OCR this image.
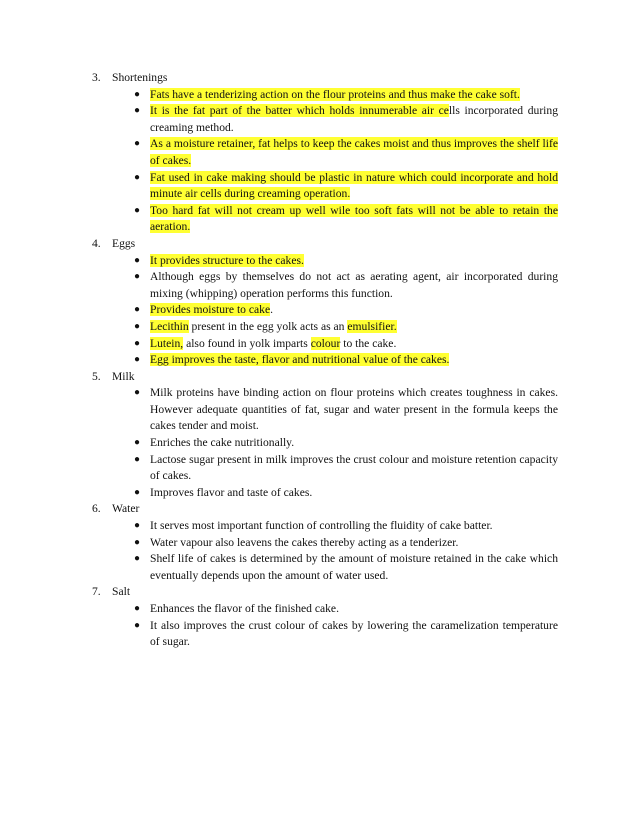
3. Shortenings
● Fats have a tenderizing action on the flour proteins and thus make the cake soft.
● It is the fat part of the batter which holds innumerable air cells incorporated during creaming method.
● As a moisture retainer, fat helps to keep the cakes moist and thus improves the shelf life of cakes.
● Fat used in cake making should be plastic in nature which could incorporate and hold minute air cells during creaming operation.
● Too hard fat will not cream up well wile too soft fats will not be able to retain the aeration.
4. Eggs
● It provides structure to the cakes.
● Although eggs by themselves do not act as aerating agent, air incorporated during mixing (whipping) operation performs this function.
● Provides moisture to cake.
● Lecithin present in the egg yolk acts as an emulsifier.
● Lutein, also found in yolk imparts colour to the cake.
● Egg improves the taste, flavor and nutritional value of the cakes.
5. Milk
● Milk proteins have binding action on flour proteins which creates toughness in cakes. However adequate quantities of fat, sugar and water present in the formula keeps the cakes tender and moist.
● Enriches the cake nutritionally.
● Lactose sugar present in milk improves the crust colour and moisture retention capacity of cakes.
● Improves flavor and taste of cakes.
6. Water
● It serves most important function of controlling the fluidity of cake batter.
● Water vapour also leavens the cakes thereby acting as a tenderizer.
● Shelf life of cakes is determined by the amount of moisture retained in the cake which eventually depends upon the amount of water used.
7. Salt
● Enhances the flavor of the finished cake.
● It also improves the crust colour of cakes by lowering the caramelization temperature of sugar.
